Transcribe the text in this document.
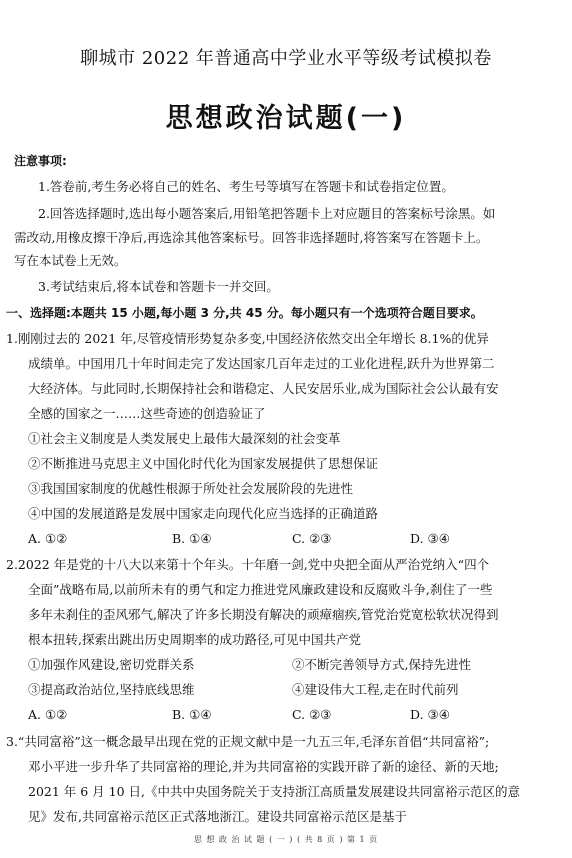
聊城市 2022 年普通高中学业水平等级考试模拟卷
思想政治试题(一)
注意事项:
1.答卷前,考生务必将自己的姓名、考生号等填写在答题卡和试卷指定位置。
2.回答选择题时,选出每小题答案后,用铅笔把答题卡上对应题目的答案标号涂黑。如
需改动,用橡皮擦干净后,再选涂其他答案标号。回答非选择题时,将答案写在答题卡上。
写在本试卷上无效。
3.考试结束后,将本试卷和答题卡一并交回。
一、选择题:本题共 15 小题,每小题 3 分,共 45 分。每小题只有一个选项符合题目要求。
1.刚刚过去的 2021 年,尽管疫情形势复杂多变,中国经济依然交出全年增长 8.1%的优异
成绩单。中国用几十年时间走完了发达国家几百年走过的工业化进程,跃升为世界第二
大经济体。与此同时,长期保持社会和谐稳定、人民安居乐业,成为国际社会公认最有安
全感的国家之一……这些奇迹的创造验证了
①社会主义制度是人类发展史上最伟大最深刻的社会变革
②不断推进马克思主义中国化时代化为国家发展提供了思想保证
③我国国家制度的优越性根源于所处社会发展阶段的先进性
④中国的发展道路是发展中国家走向现代化应当选择的正确道路
A. ①②	B. ①④	C. ②③	D. ③④
2.2022 年是党的十八大以来第十个年头。十年磨一剑,党中央把全面从严治党纳入“四个
全面”战略布局,以前所未有的勇气和定力推进党风廉政建设和反腐败斗争,刹住了一些
多年未刹住的歪风邪气,解决了许多长期没有解决的顽瘴痼疾,管党治党宽松软状况得到
根本扭转,探索出跳出历史周期率的成功路径,可见中国共产党
①加强作风建设,密切党群关系	②不断完善领导方式,保持先进性
③提高政治站位,坚持底线思维	④建设伟大工程,走在时代前列
A. ①②	B. ①④	C. ②③	D. ③④
3.“共同富裕”这一概念最早出现在党的正规文献中是一九五三年,毛泽东首倡“共同富裕”;
邓小平进一步升华了共同富裕的理论,并为共同富裕的实践开辟了新的途径、新的天地;
2021 年 6 月 10 日,《中共中央国务院关于支持浙江高质量发展建设共同富裕示范区的意
见》发布,共同富裕示范区正式落地浙江。建设共同富裕示范区是基于
思 想 政 治 试 题 ( 一 ) ( 共 8 页 ) 第 1 页
